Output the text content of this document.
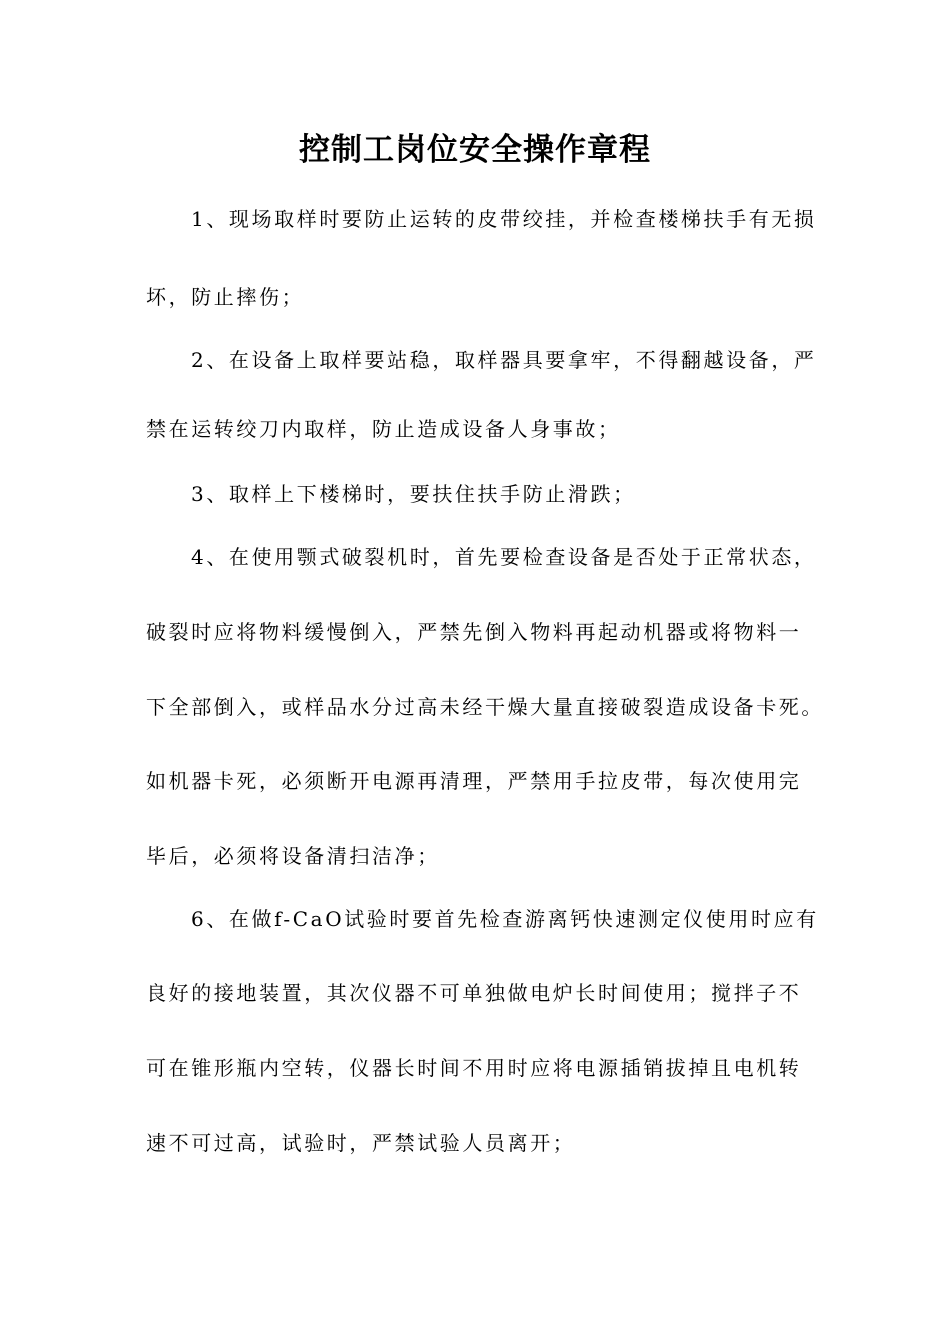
控制工岗位安全操作章程
1、现场取样时要防止运转的皮带绞挂，并检查楼梯扶手有无损
坏，防止摔伤；
2、在设备上取样要站稳，取样器具要拿牢，不得翻越设备，严
禁在运转绞刀内取样，防止造成设备人身事故；
3、取样上下楼梯时，要扶住扶手防止滑跌；
4、在使用颚式破裂机时，首先要检查设备是否处于正常状态，
破裂时应将物料缓慢倒入，严禁先倒入物料再起动机器或将物料一
下全部倒入，或样品水分过高未经干燥大量直接破裂造成设备卡死。
如机器卡死，必须断开电源再清理，严禁用手拉皮带，每次使用完
毕后，必须将设备清扫洁净；
6、在做f-CaO试验时要首先检查游离钙快速测定仪使用时应有
良好的接地装置，其次仪器不可单独做电炉长时间使用；搅拌子不
可在锥形瓶内空转，仪器长时间不用时应将电源插销拔掉且电机转
速不可过高，试验时，严禁试验人员离开；
